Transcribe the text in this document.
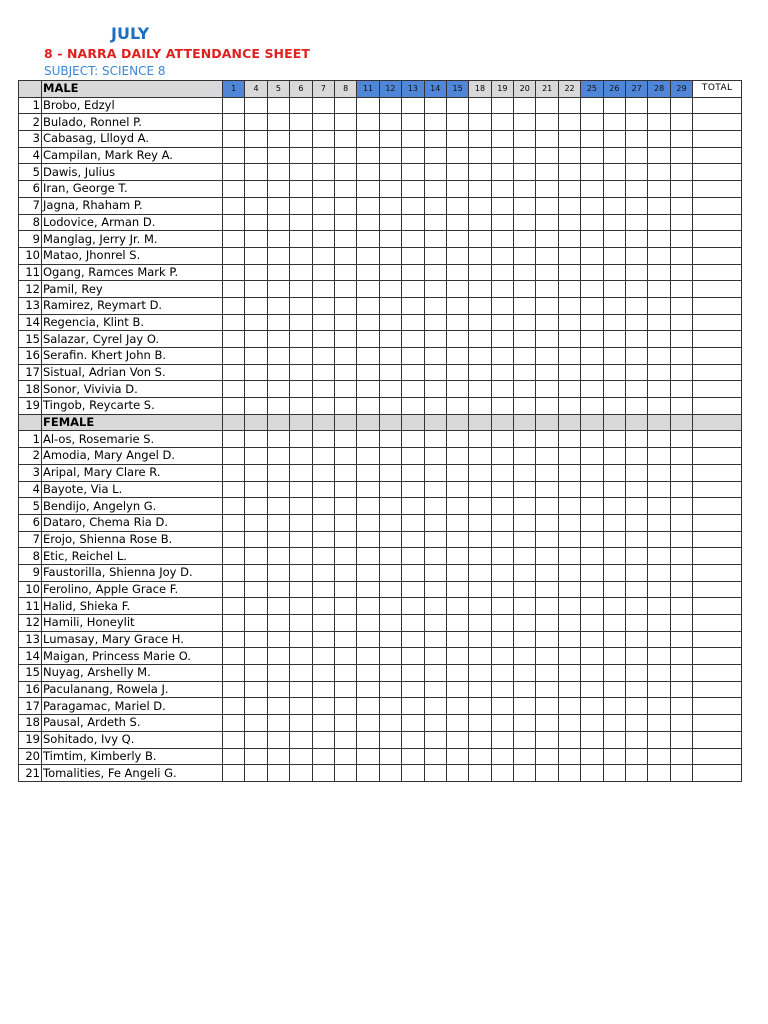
JULY
8 - NARRA DAILY ATTENDANCE SHEET
SUBJECT: SCIENCE 8
	MALE	1	4	5	6	7	8	11	12	13	14	15	18	19	20	21	22	25	26	27	28	29	TOTAL
1	Brobo, Edzyl																						
2	Bulado, Ronnel P.																						
3	Cabasag, Llloyd A.																						
4	Campilan, Mark Rey A.																						
5	Dawis, Julius																						
6	Iran, George T.																						
7	Jagna, Rhaham P.																						
8	Lodovice, Arman D.																						
9	Manglag, Jerry Jr. M.																						
10	Matao, Jhonrel S.																						
11	Ogang, Ramces Mark P.																						
12	Pamil, Rey																						
13	Ramirez, Reymart D.																						
14	Regencia, Klint B.																						
15	Salazar, Cyrel Jay O.																						
16	Serafin. Khert John B.																						
17	Sistual, Adrian Von S.																						
18	Sonor, Vivivia D.																						
19	Tingob, Reycarte S.																						
	FEMALE																						
1	Al-os, Rosemarie S.																						
2	Amodia, Mary Angel D.																						
3	Aripal, Mary Clare R.																						
4	Bayote, Via L.																						
5	Bendijo, Angelyn G.																						
6	Dataro, Chema Ria D.																						
7	Erojo, Shienna Rose B.																						
8	Etic, Reichel L.																						
9	Faustorilla, Shienna Joy D.																						
10	Ferolino, Apple Grace F.																						
11	Halid, Shieka F.																						
12	Hamili, Honeylit																						
13	Lumasay, Mary Grace H.																						
14	Maigan, Princess Marie O.																						
15	Nuyag, Arshelly M.																						
16	Paculanang, Rowela J.																						
17	Paragamac, Mariel D.																						
18	Pausal, Ardeth S.																						
19	Sohitado, Ivy Q.																						
20	Timtim, Kimberly B.																						
21	Tomalities, Fe Angeli G.																						
